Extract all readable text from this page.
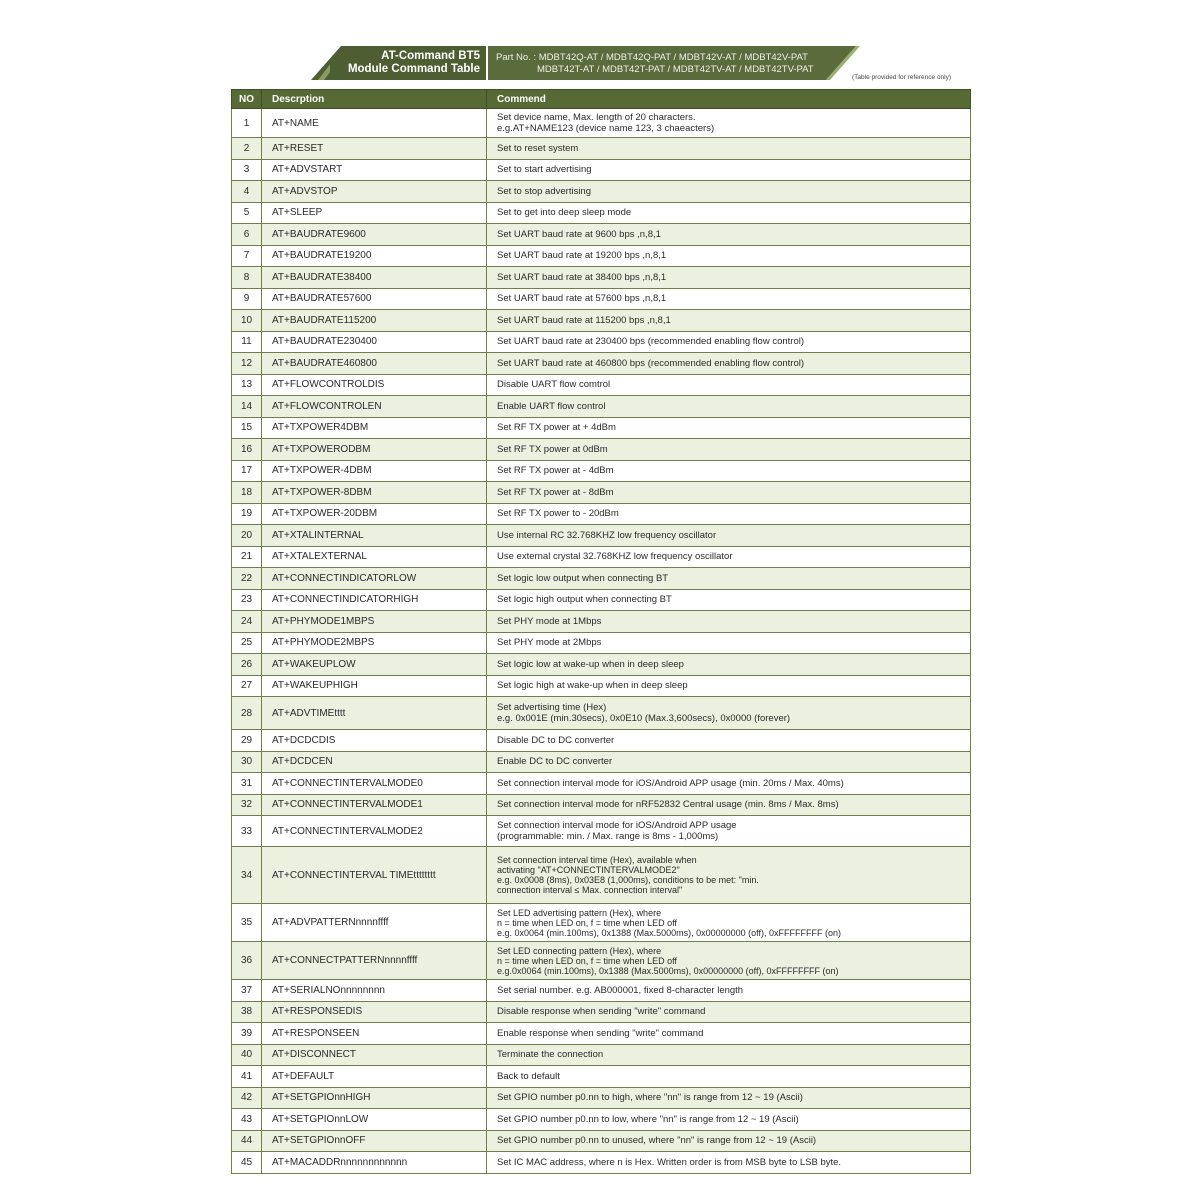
AT-Command BT5
Module Command Table
Part No. : MDBT42Q-AT / MDBT42Q-PAT / MDBT42V-AT / MDBT42V-PAT
MDBT42T-AT / MDBT42T-PAT / MDBT42TV-AT / MDBT42TV-PAT
(Table provided for reference only)
NO	Descrption	Commend
1	AT+NAME	Set device name, Max. length of 20 characters.
e.g.AT+NAME123 (device name 123, 3 chaeacters)

2	AT+RESET	Set to reset system

3	AT+ADVSTART	Set to start advertising

4	AT+ADVSTOP	Set to stop advertising

5	AT+SLEEP	Set to get into deep sleep mode

6	AT+BAUDRATE9600	Set UART baud rate at 9600 bps ,n,8,1

7	AT+BAUDRATE19200	Set UART baud rate at 19200 bps ,n,8,1

8	AT+BAUDRATE38400	Set UART baud rate at 38400 bps ,n,8,1

9	AT+BAUDRATE57600	Set UART baud rate at 57600 bps ,n,8,1

10	AT+BAUDRATE115200	Set UART baud rate at 115200 bps ,n,8,1

11	AT+BAUDRATE230400	Set UART baud rate at 230400 bps (recommended enabling flow control)

12	AT+BAUDRATE460800	Set UART baud rate at 460800 bps (recommended enabling flow control)

13	AT+FLOWCONTROLDIS	Disable UART flow comtrol

14	AT+FLOWCONTROLEN	Enable UART flow control

15	AT+TXPOWER4DBM	Set RF TX power at + 4dBm

16	AT+TXPOWERODBM	Set RF TX power at 0dBm

17	AT+TXPOWER-4DBM	Set RF TX power at - 4dBm

18	AT+TXPOWER-8DBM	Set RF TX power at - 8dBm

19	AT+TXPOWER-20DBM	Set RF TX power to - 20dBm

20	AT+XTALINTERNAL	Use internal RC 32.768KHZ low frequency oscillator

21	AT+XTALEXTERNAL	Use external crystal 32.768KHZ low frequency oscillator

22	AT+CONNECTINDICATORLOW	Set logic low output when connecting BT

23	AT+CONNECTINDICATORHIGH	Set logic high output when connecting BT

24	AT+PHYMODE1MBPS	Set PHY mode at 1Mbps

25	AT+PHYMODE2MBPS	Set PHY mode at 2Mbps

26	AT+WAKEUPLOW	Set logic low at wake-up when in deep sleep

27	AT+WAKEUPHIGH	Set logic high at wake-up when in deep sleep

28	AT+ADVTIMEtttt	Set advertising time (Hex)
e.g. 0x001E (min.30secs), 0x0E10 (Max.3,600secs), 0x0000 (forever)

29	AT+DCDCDIS	Disable DC to DC converter

30	AT+DCDCEN	Enable DC to DC converter

31	AT+CONNECTINTERVALMODE0	Set connection interval mode for iOS/Android APP usage (min. 20ms / Max. 40ms)

32	AT+CONNECTINTERVALMODE1	Set connection interval mode for nRF52832 Central usage (min. 8ms / Max. 8ms)

33	AT+CONNECTINTERVALMODE2	Set connection interval mode for iOS/Android APP usage
(programmable: min. / Max. range is 8ms - 1,000ms)

34	AT+CONNECTINTERVAL TIMEtttttttt	Set connection interval time (Hex), available when
activating "AT+CONNECTINTERVALMODE2"
e.g. 0x0008 (8ms), 0x03E8 (1,000ms), conditions to be met: "min.
connection interval ≤ Max. connection interval"

35	AT+ADVPATTERNnnnnffff	Set LED advertising pattern (Hex), where
n = time when LED on, f = time when LED off
e.g. 0x0064 (min.100ms), 0x1388 (Max.5000ms), 0x00000000 (off), 0xFFFFFFFF (on)

36	AT+CONNECTPATTERNnnnnffff	Set LED connecting pattern (Hex), where
n = time when LED on, f = time when LED off
e.g.0x0064 (min.100ms), 0x1388 (Max.5000ms), 0x00000000 (off), 0xFFFFFFFF (on)

37	AT+SERIALNOnnnnnnnn	Set serial number. e.g. AB000001, fixed 8-character length

38	AT+RESPONSEDIS	Disable response when sending "write" command

39	AT+RESPONSEEN	Enable response when sending "write" command

40	AT+DISCONNECT	Terminate the connection

41	AT+DEFAULT	Back to default

42	AT+SETGPIOnnHIGH	Set GPIO number p0.nn to high, where "nn" is range from 12 ~ 19 (Ascii)

43	AT+SETGPIOnnLOW	Set GPIO number p0.nn to low, where "nn" is range from 12 ~ 19 (Ascii)

44	AT+SETGPIOnnOFF	Set GPIO number p0.nn to unused, where "nn" is range from 12 ~ 19 (Ascii)

45	AT+MACADDRnnnnnnnnnnnn	Set IC MAC address, where n is Hex. Written order is from MSB byte to LSB byte.
